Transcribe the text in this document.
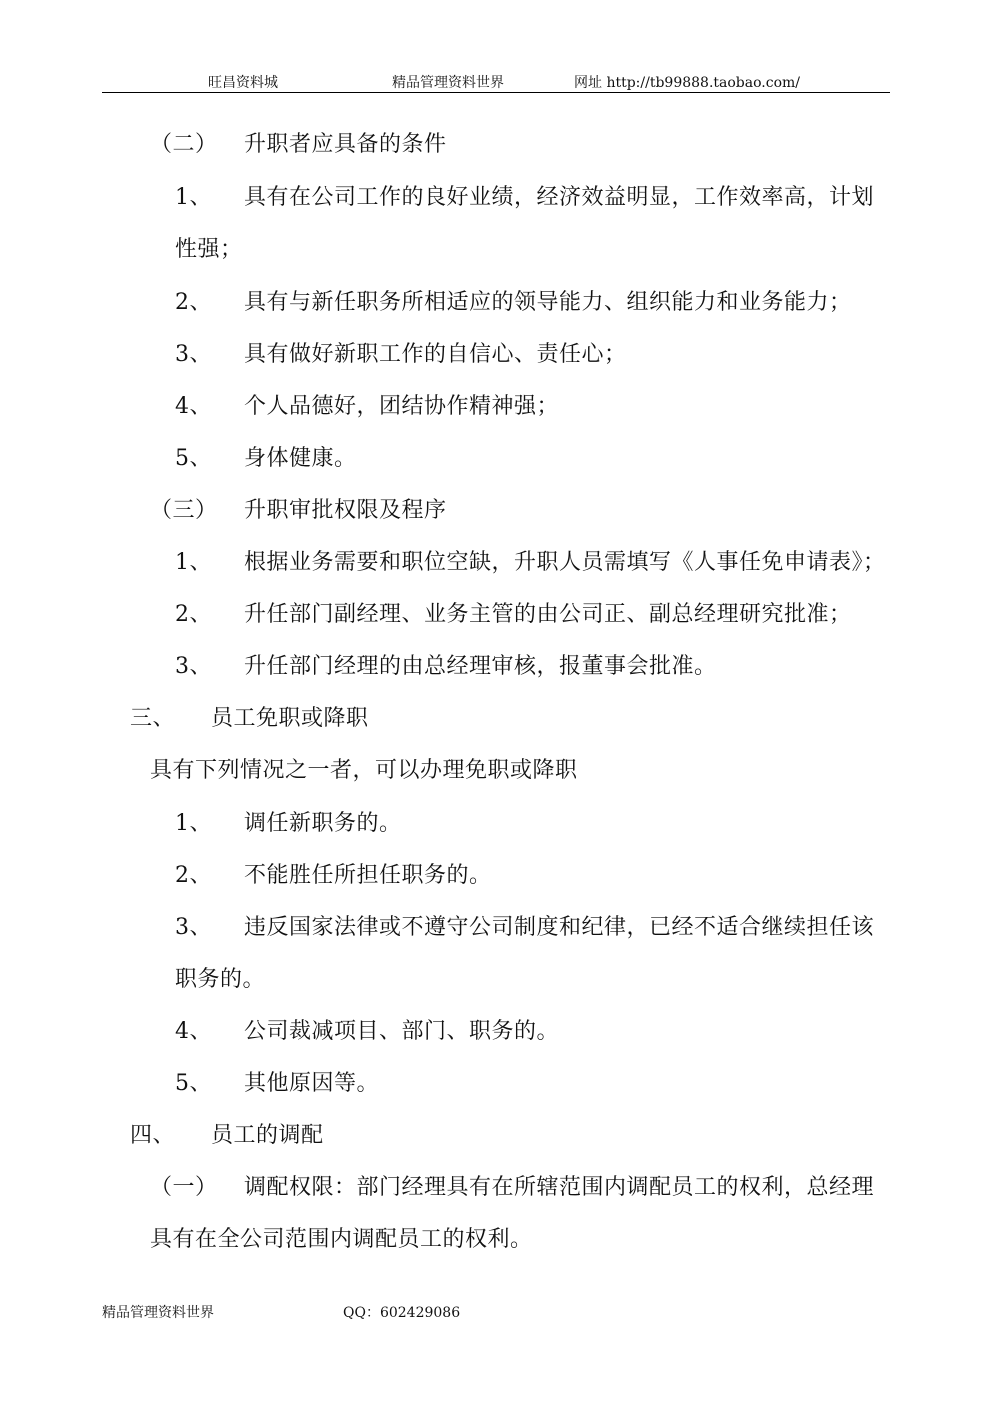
旺昌资料城	精品管理资料世界	网址 http://tb99888.taobao.com/
（二） 升职者应具备的条件
1、 具有在公司工作的良好业绩，经济效益明显，工作效率高，计划
性强；
2、 具有与新任职务所相适应的领导能力、组织能力和业务能力；
3、 具有做好新职工作的自信心、责任心；
4、 个人品德好，团结协作精神强；
5、 身体健康。
（三） 升职审批权限及程序
1、 根据业务需要和职位空缺，升职人员需填写《人事任免申请表》；
2、 升任部门副经理、业务主管的由公司正、副总经理研究批准；
3、 升任部门经理的由总经理审核，报董事会批准。
三、 员工免职或降职
具有下列情况之一者，可以办理免职或降职
1、 调任新职务的。
2、 不能胜任所担任职务的。
3、 违反国家法律或不遵守公司制度和纪律，已经不适合继续担任该
职务的。
4、 公司裁减项目、部门、职务的。
5、 其他原因等。
四、 员工的调配
（一） 调配权限：部门经理具有在所辖范围内调配员工的权利，总经理
具有在全公司范围内调配员工的权利。
精品管理资料世界	QQ：602429086
